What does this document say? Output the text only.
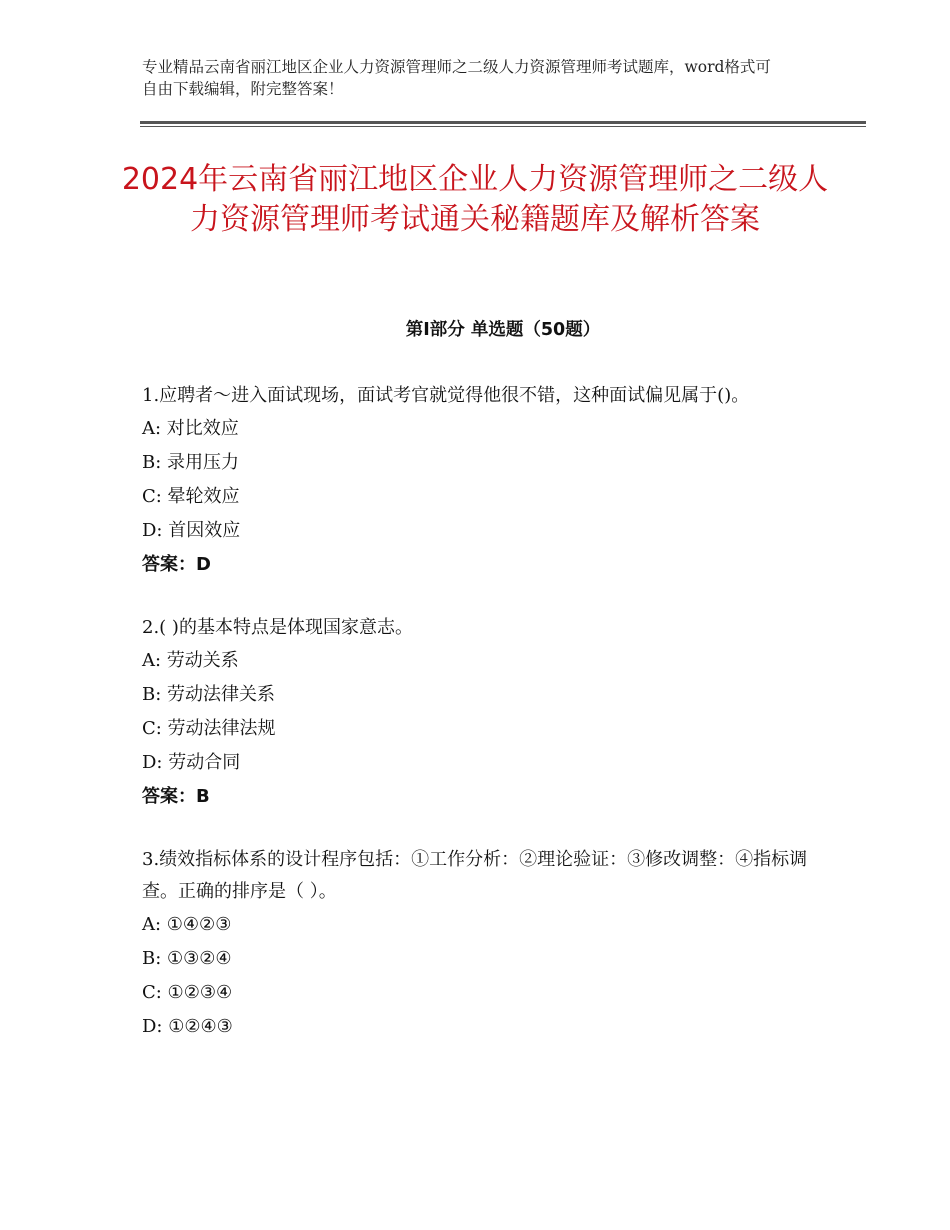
专业精品云南省丽江地区企业人力资源管理师之二级人力资源管理师考试题库，word格式可自由下载编辑，附完整答案！
2024年云南省丽江地区企业人力资源管理师之二级人力资源管理师考试通关秘籍题库及解析答案
第Ⅰ部分 单选题（50题）

1.应聘者～进入面试现场，面试考官就觉得他很不错，这种面试偏见属于()。

A: 对比效应

B: 录用压力

C: 晕轮效应

D: 首因效应

答案：D

2.( )的基本特点是体现国家意志。

A: 劳动关系

B: 劳动法律关系

C: 劳动法律法规

D: 劳动合同

答案：B

3.绩效指标体系的设计程序包括：①工作分析：②理论验证：③修改调整：④指标调查。正确的排序是（ ）。

A: ①④②③

B: ①③②④

C: ①②③④

D: ①②④③
